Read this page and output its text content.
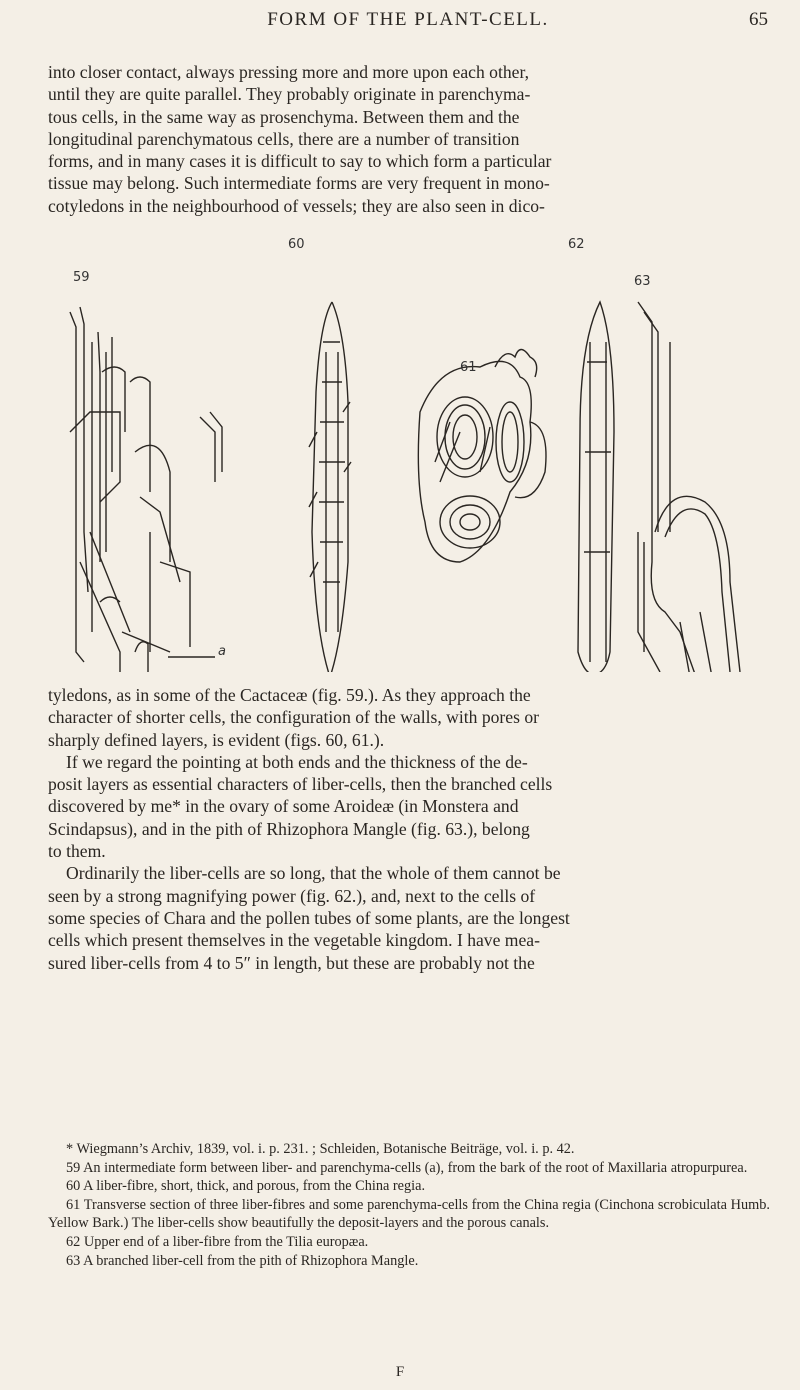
FORM OF THE PLANT-CELL.	65
into closer contact, always pressing more and more upon each other,
until they are quite parallel. They probably originate in parenchyma-
tous cells, in the same way as prosenchyma. Between them and the
longitudinal parenchymatous cells, there are a number of transition
forms, and in many cases it is difficult to say to which form a particular
tissue may belong. Such intermediate forms are very frequent in mono-
cotyledons in the neighbourhood of vessels; they are also seen in dico-
59
60
61
62
63
a
tyledons, as in some of the Cactaceæ (fig. 59.). As they approach the
character of shorter cells, the configuration of the walls, with pores or
sharply defined layers, is evident (figs. 60, 61.).
If we regard the pointing at both ends and the thickness of the de-
posit layers as essential characters of liber-cells, then the branched cells
discovered by me* in the ovary of some Aroideæ (in Monstera and
Scindapsus), and in the pith of Rhizophora Mangle (fig. 63.), belong
to them.
Ordinarily the liber-cells are so long, that the whole of them cannot be
seen by a strong magnifying power (fig. 62.), and, next to the cells of
some species of Chara and the pollen tubes of some plants, are the longest
cells which present themselves in the vegetable kingdom. I have mea-
sured liber-cells from 4 to 5″ in length, but these are probably not the

* Wiegmann’s Archiv, 1839, vol. i. p. 231. ; Schleiden, Botanische Beiträge, vol. i. p. 42.

59 An intermediate form between liber- and parenchyma-cells (a), from the bark of the root of Maxillaria atropurpurea.

60 A liber-fibre, short, thick, and porous, from the China regia.

61 Transverse section of three liber-fibres and some parenchyma-cells from the China regia (Cinchona scrobiculata Humb. Yellow Bark.) The liber-cells show beautifully the deposit-layers and the porous canals.

62 Upper end of a liber-fibre from the Tilia europæa.

63 A branched liber-cell from the pith of Rhizophora Mangle.

F
